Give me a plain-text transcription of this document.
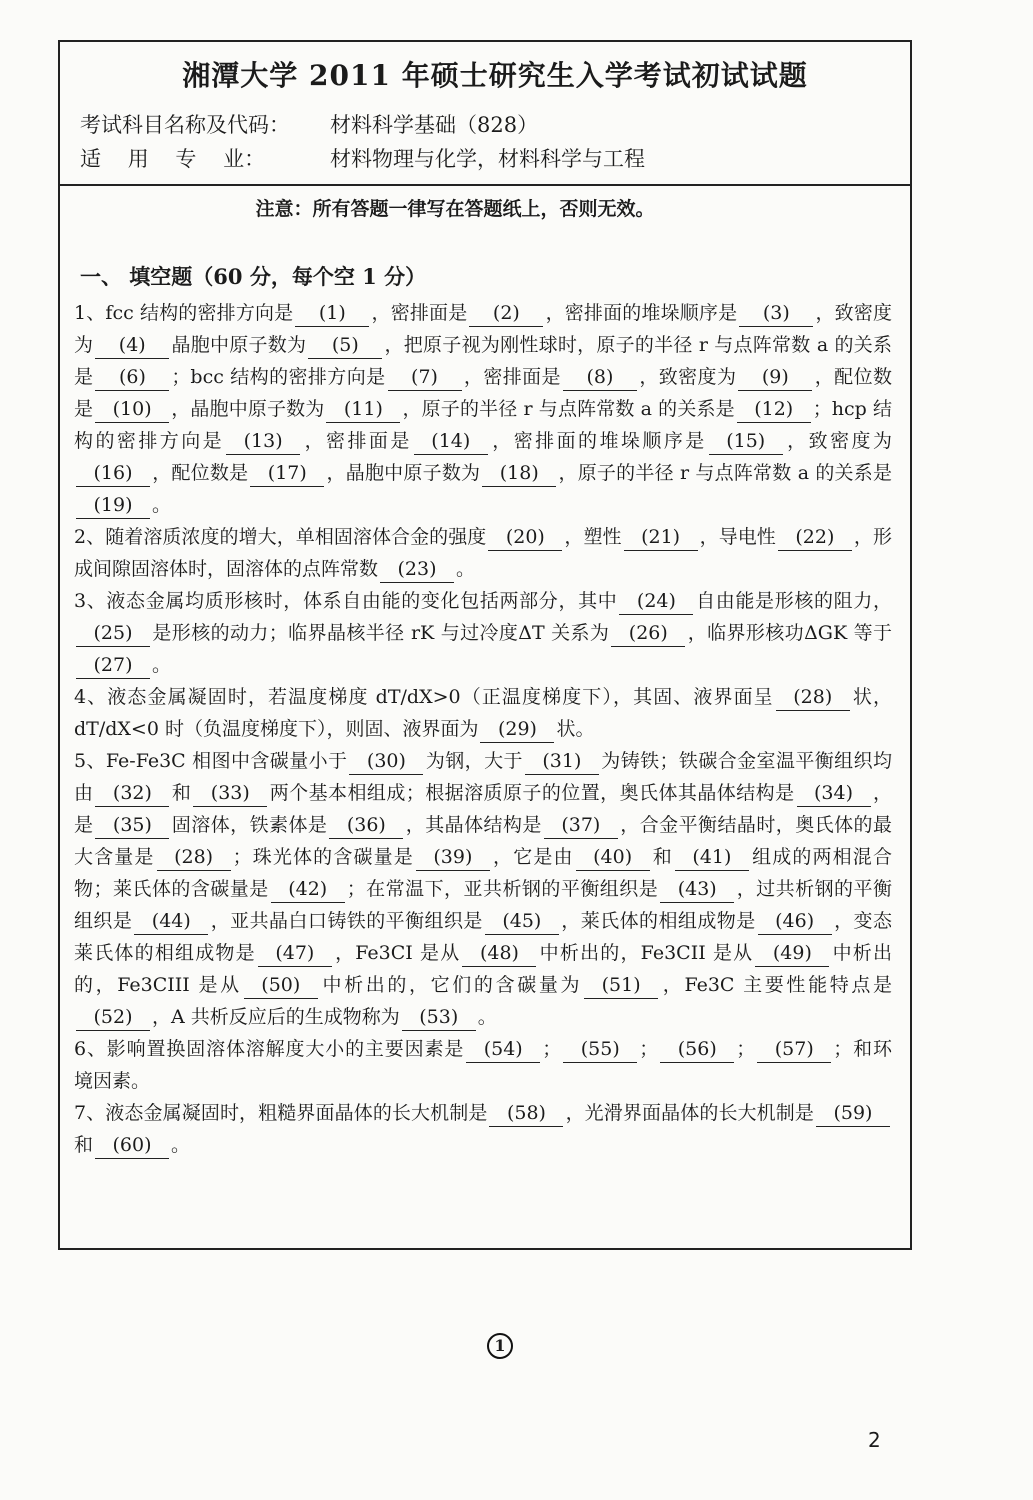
湘潭大学 2011 年硕士研究生入学考试初试试题
考试科目名称及代码：	材料科学基础（828）
适    用    专    业：	材料物理与化学，材料科学与工程
注意：所有答题一律写在答题纸上，否则无效。
一、 填空题（60 分，每个空 1 分）

1、fcc 结构的密排方向是 (1) ，密排面是 (2) ，密排面的堆垛顺序是 (3) ，致密度为 (4) 晶胞中原子数为 (5) ，把原子视为刚性球时，原子的半径 r 与点阵常数 a 的关系是 (6) ；bcc 结构的密排方向是 (7) ，密排面是 (8) ，致密度为 (9) ，配位数是 (10) ，晶胞中原子数为 (11) ，原子的半径 r 与点阵常数 a 的关系是 (12) ；hcp 结构的密排方向是 (13) ，密排面是 (14) ，密排面的堆垛顺序是 (15) ，致密度为(16) ，配位数是 (17) ，晶胞中原子数为 (18) ，原子的半径 r 与点阵常数 a 的关系是(19) 。

2、随着溶质浓度的增大，单相固溶体合金的强度 (20) ，塑性 (21) ，导电性 (22) ，形成间隙固溶体时，固溶体的点阵常数 (23) 。

3、液态金属均质形核时，体系自由能的变化包括两部分，其中 (24) 自由能是形核的阻力，(25) 是形核的动力；临界晶核半径 rK 与过冷度ΔT 关系为 (26) ，临界形核功ΔGK 等于(27) 。

4、液态金属凝固时，若温度梯度 dT/dX>0（正温度梯度下），其固、液界面呈 (28) 状，dT/dX<0 时（负温度梯度下），则固、液界面为 (29) 状。

5、Fe-Fe3C 相图中含碳量小于 (30) 为钢，大于 (31) 为铸铁；铁碳合金室温平衡组织均由 (32) 和 (33) 两个基本相组成；根据溶质原子的位置，奥氏体其晶体结构是 (34) ，是 (35) 固溶体，铁素体是 (36) ，其晶体结构是 (37) ，合金平衡结晶时，奥氏体的最大含量是 (28) ；珠光体的含碳量是 (39) ，它是由 (40) 和 (41) 组成的两相混合物；莱氏体的含碳量是 (42) ；在常温下，亚共析钢的平衡组织是 (43) ，过共析钢的平衡组织是 (44) ，亚共晶白口铸铁的平衡组织是 (45) ，莱氏体的相组成物是 (46) ，变态莱氏体的相组成物是 (47) ，Fe3CI 是从 (48) 中析出的，Fe3CII 是从 (49) 中析出的，Fe3CIII 是从 (50) 中析出的，它们的含碳量为 (51) ，Fe3C 主要性能特点是(52) ，A 共析反应后的生成物称为 (53) 。

6、影响置换固溶体溶解度大小的主要因素是 (54) ； (55) ； (56) ； (57) ；和环境因素。

7、液态金属凝固时，粗糙界面晶体的长大机制是 (58) ，光滑界面晶体的长大机制是 (59)和 (60) 。

1
2
